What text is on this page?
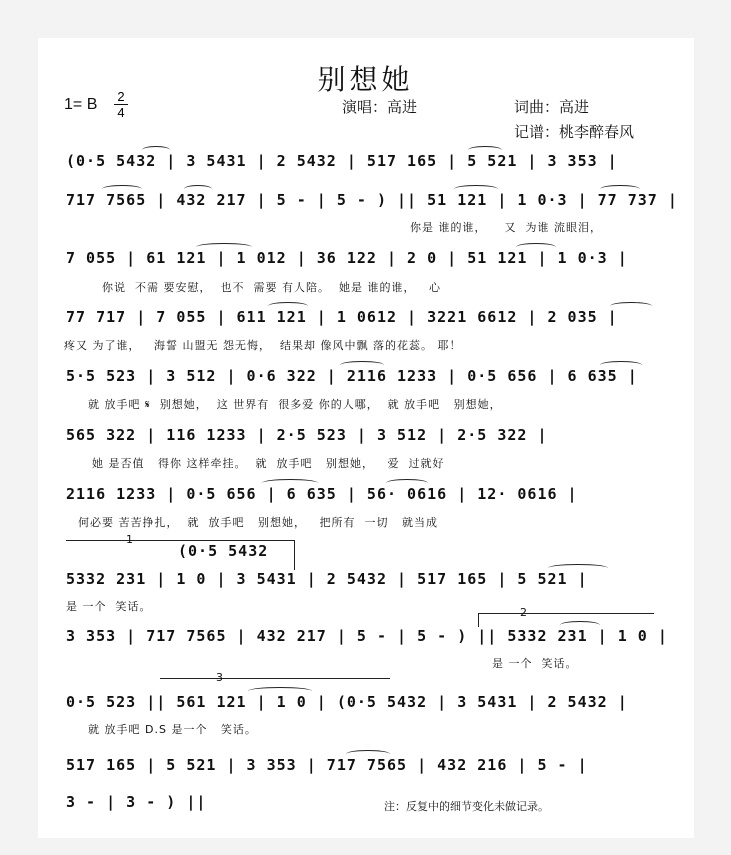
别想她
1= B 2
4	演唱：高进	词曲：高进
记谱：桃李醉春风
(0·5 5432 | 3 5431 | 2 5432 | 517 165 | 5 521 | 3 353 |
717 7565 | 432 217 | 5 - | 5 - ) || 51 121 | 1 0·3 | 77 737 |
你是 谁的谁，    又  为谁 流眼泪，
7 055 | 61 121 | 1 012 | 36 122 | 2 0 | 51 121 | 1 0·3 |
你说  不需 要安慰，  也不  需要 有人陪。  她是 谁的谁，   心
77 717 | 7 055 | 611 121 | 1 0612 | 3221 6612 | 2 035 |
疼又 为了谁，   海誓 山盟无 怨无悔，  结果却 像风中飘 落的花蕊。 耶！
5·5 523 | 3 512 | 0·6 322 | 2116 1233 | 0·5 656 | 6 635 |
就 放手吧 𝄋  别想她，  这 世界有  很多爱 你的人哪，  就 放手吧   别想她，
565 322 | 116 1233 | 2·5 523 | 3 512 | 2·5 322 |
她 是否值   得你 这样牵挂。  就  放手吧   别想她，   爱  过就好
2116 1233 | 0·5 656 | 6 635 | 56· 0616 | 12· 0616 |
何必要 苦苦挣扎，  就  放手吧   别想她，   把所有  一切   就当成
1
(0·5 5432
5332 231 | 1 0 | 3 5431 | 2 5432 | 517 165 | 5 521 |
是 一个  笑话。	2
3 353 | 717 7565 | 432 217 | 5 - | 5 - ) || 5332 231 | 1 0 |
是 一个  笑话。
3
0·5 523 || 561 121 | 1 0 | (0·5 5432 | 3 5431 | 2 5432 |
就 放手吧 D.S 是一个   笑话。
517 165 | 5 521 | 3 353 | 717 7565 | 432 216 | 5 - |
3 - | 3 - ) ||	注：反复中的细节变化未做记录。
